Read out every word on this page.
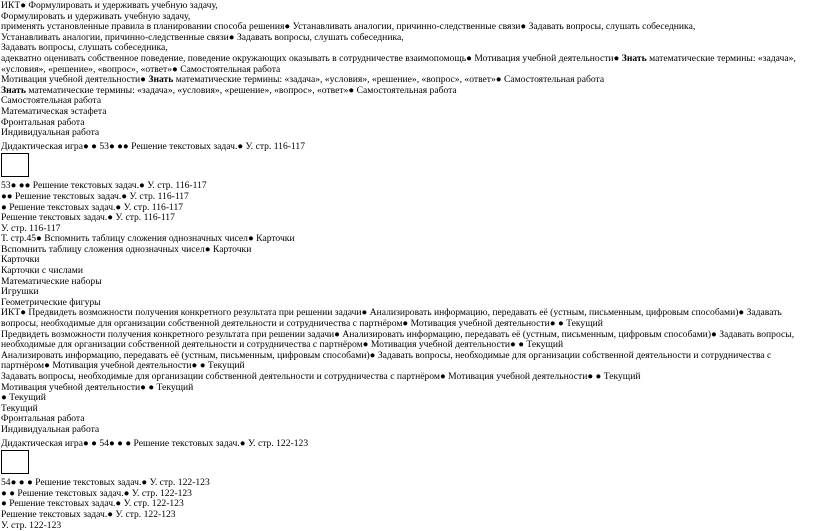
ИКТ● Формулировать и удерживать учебную задачу,
Формулировать и удерживать учебную задачу,
применять установленные правила в планировании способа решения● Устанавливать аналогии, причинно-следственные связи● Задавать вопросы, слушать собеседника,
Устанавливать аналогии, причинно-следственные связи● Задавать вопросы, слушать собеседника,
Задавать вопросы, слушать собеседника,
адекватно оценивать собственное поведение, поведение окружающих оказывать в сотрудничестве взаимопомощь● Мотивация учебной деятельности● Знать математические термины: «задача», «условия», «решение», «вопрос», «ответ»● Самостоятельная работа
Мотивация учебной деятельности● Знать математические термины: «задача», «условия», «решение», «вопрос», «ответ»● Самостоятельная работа
Знать математические термины: «задача», «условия», «решение», «вопрос», «ответ»● Самостоятельная работа
Самостоятельная работа
Математическая эстафета
Фронтальная работа
Индивидуальная работа
Дидактическая игра● ● 53● ●● Решение текстовых задач.● У. стр. 116-117
53● ●● Решение текстовых задач.● У. стр. 116-117
●● Решение текстовых задач.● У. стр. 116-117
● Решение текстовых задач.● У. стр. 116-117
Решение текстовых задач.● У. стр. 116-117
У. стр. 116-117
Т. стр.45● Вспомнить таблицу сложения однозначных чисел● Карточки
Вспомнить таблицу сложения однозначных чисел● Карточки
Карточки
Карточки с числами
Математические наборы
Игрушки
Геометрические фигуры
ИКТ● Предвидеть возможности получения конкретного результата при решении задачи● Анализировать информацию, передавать её (устным, письменным, цифровым способами)● Задавать вопросы, необходимые для организации собственной деятельности и сотрудничества с партнёром● Мотивация учебной деятельности● ● Текущий
Предвидеть возможности получения конкретного результата при решении задачи● Анализировать информацию, передавать её (устным, письменным, цифровым способами)● Задавать вопросы, необходимые для организации собственной деятельности и сотрудничества с партнёром● Мотивация учебной деятельности● ● Текущий
Анализировать информацию, передавать её (устным, письменным, цифровым способами)● Задавать вопросы, необходимые для организации собственной деятельности и сотрудничества с партнёром● Мотивация учебной деятельности● ● Текущий
Задавать вопросы, необходимые для организации собственной деятельности и сотрудничества с партнёром● Мотивация учебной деятельности● ● Текущий
Мотивация учебной деятельности● ● Текущий
● Текущий
Текущий
Фронтальная работа
Индивидуальная работа
Дидактическая игра● ● 54● ● ● Решение текстовых задач.● У. стр. 122-123
54● ● ● Решение текстовых задач.● У. стр. 122-123
● ● Решение текстовых задач.● У. стр. 122-123
● Решение текстовых задач.● У. стр. 122-123
Решение текстовых задач.● У. стр. 122-123
У. стр. 122-123
